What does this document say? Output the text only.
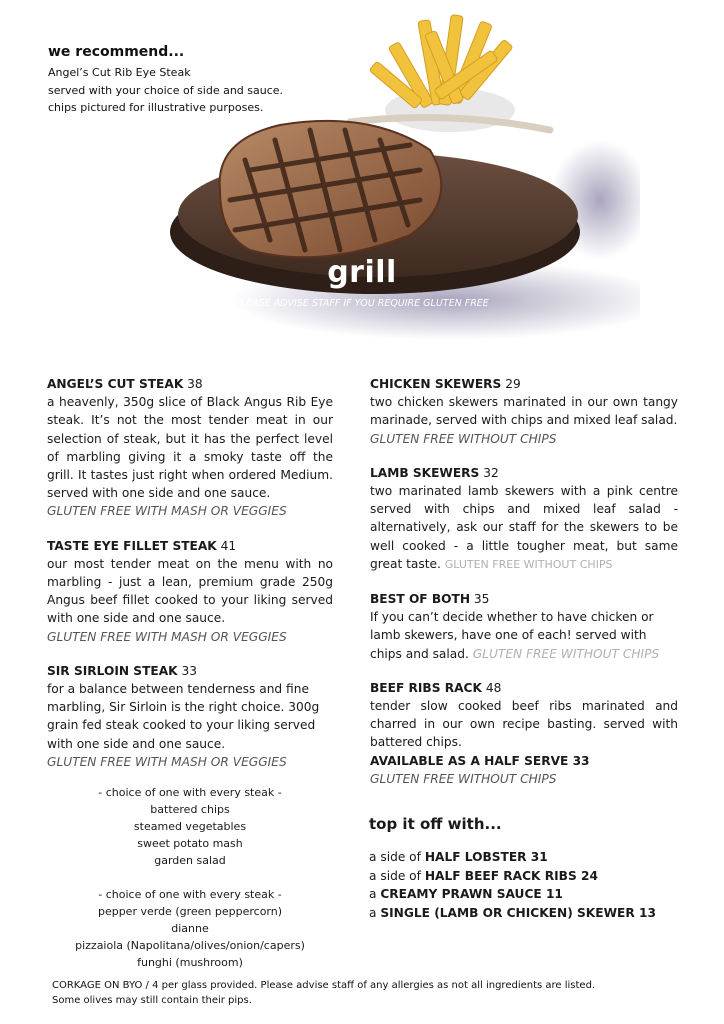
we recommend...
Angel’s Cut Rib Eye Steak
served with your choice of side and sauce.
chips pictured for illustrative purposes.
grill
PLEASE ADVISE STAFF IF YOU REQUIRE GLUTEN FREE
ANGEL’S CUT STEAK 38
a heavenly, 350g slice of Black Angus Rib Eye steak. It’s not the most tender meat in our selection of steak, but it has the perfect level of marbling giving it a smoky taste off the grill. It tastes just right when ordered Medium. served with one side and one sauce.
GLUTEN FREE WITH MASH OR VEGGIES
TASTE EYE FILLET STEAK 41
our most tender meat on the menu with no marbling - just a lean, premium grade 250g Angus beef fillet cooked to your liking served with one side and one sauce.
GLUTEN FREE WITH MASH OR VEGGIES
SIR SIRLOIN STEAK 33
for a balance between tenderness and fine marbling, Sir Sirloin is the right choice. 300g grain fed steak cooked to your liking served with one side and one sauce.
GLUTEN FREE WITH MASH OR VEGGIES
- choice of one with every steak -
battered chips
steamed vegetables
sweet potato mash
garden salad
- choice of one with every steak -
pepper verde (green peppercorn)
dianne
pizzaiola (Napolitana/olives/onion/capers)
funghi (mushroom)
CHICKEN SKEWERS 29
two chicken skewers marinated in our own tangy marinade, served with chips and mixed leaf salad.
GLUTEN FREE WITHOUT CHIPS
LAMB SKEWERS 32
two marinated lamb skewers with a pink centre served with chips and mixed leaf salad - alternatively, ask our staff for the skewers to be well cooked - a little tougher meat, but same great taste. GLUTEN FREE WITHOUT CHIPS
BEST OF BOTH 35
If you can’t decide whether to have chicken or lamb skewers, have one of each! served with chips and salad. GLUTEN FREE WITHOUT CHIPS
BEEF RIBS RACK 48
tender slow cooked beef ribs marinated and charred in our own recipe basting. served with battered chips.
AVAILABLE AS A HALF SERVE 33
GLUTEN FREE WITHOUT CHIPS
top it off with...
a side of HALF LOBSTER 31
a side of HALF BEEF RACK RIBS 24
a CREAMY PRAWN SAUCE 11
a SINGLE (LAMB OR CHICKEN) SKEWER 13
CORKAGE ON BYO / 4 per glass provided. Please advise staff of any allergies as not all ingredients are listed.
Some olives may still contain their pips.
